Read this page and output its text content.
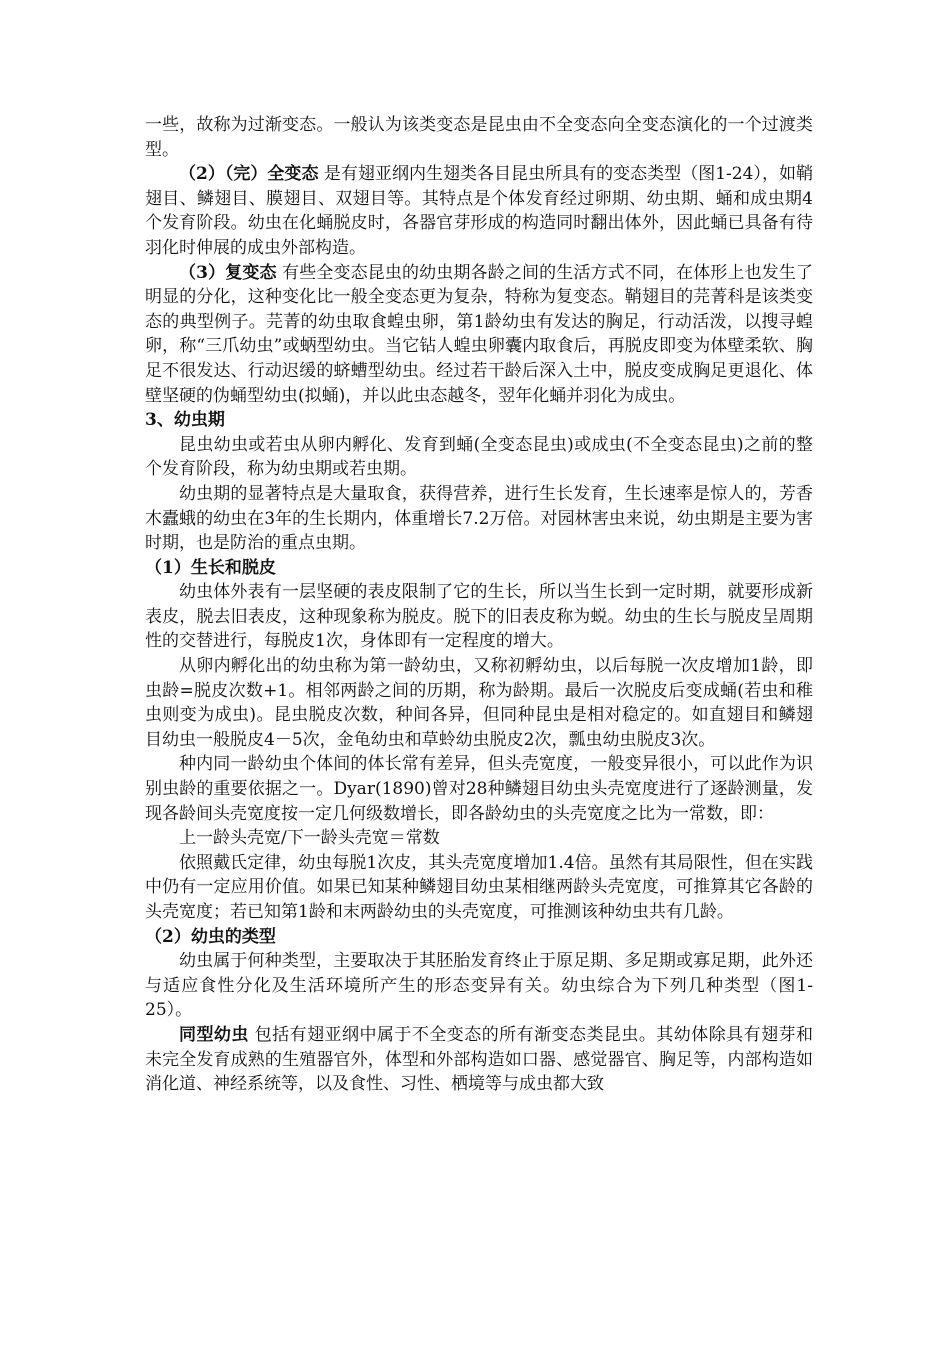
一些，故称为过渐变态。一般认为该类变态是昆虫由不全变态向全变态演化的一个过渡类型。

（2）（完）全变态 是有翅亚纲内生翅类各目昆虫所具有的变态类型（图1-24），如鞘翅目、鳞翅目、膜翅目、双翅目等。其特点是个体发育经过卵期、幼虫期、蛹和成虫期4个发育阶段。幼虫在化蛹脱皮时，各器官芽形成的构造同时翻出体外，因此蛹已具备有待羽化时伸展的成虫外部构造。

（3）复变态 有些全变态昆虫的幼虫期各龄之间的生活方式不同，在体形上也发生了明显的分化，这种变化比一般全变态更为复杂，特称为复变态。鞘翅目的芫菁科是该类变态的典型例子。芫菁的幼虫取食蝗虫卵，第1龄幼虫有发达的胸足，行动活泼，以搜寻蝗卵，称“三爪幼虫”或蛃型幼虫。当它钻人蝗虫卵囊内取食后，再脱皮即变为体壁柔软、胸足不很发达、行动迟缓的蛴螬型幼虫。经过若干龄后深入土中，脱皮变成胸足更退化、体壁坚硬的伪蛹型幼虫(拟蛹)，并以此虫态越冬，翌年化蛹并羽化为成虫。

3、幼虫期

昆虫幼虫或若虫从卵内孵化、发育到蛹(全变态昆虫)或成虫(不全变态昆虫)之前的整个发育阶段，称为幼虫期或若虫期。

幼虫期的显著特点是大量取食，获得营养，进行生长发育，生长速率是惊人的，芳香木蠹蛾的幼虫在3年的生长期内，体重增长7.2万倍。对园林害虫来说，幼虫期是主要为害时期，也是防治的重点虫期。

（1）生长和脱皮

幼虫体外表有一层坚硬的表皮限制了它的生长，所以当生长到一定时期，就要形成新表皮，脱去旧表皮，这种现象称为脱皮。脱下的旧表皮称为蜕。幼虫的生长与脱皮呈周期性的交替进行，每脱皮1次，身体即有一定程度的增大。

从卵内孵化出的幼虫称为第一龄幼虫，又称初孵幼虫，以后每脱一次皮增加1龄，即虫龄=脱皮次数+1。相邻两龄之间的历期，称为龄期。最后一次脱皮后变成蛹(若虫和稚虫则变为成虫)。昆虫脱皮次数，种间各异，但同种昆虫是相对稳定的。如直翅目和鳞翅目幼虫一般脱皮4－5次，金龟幼虫和草蛉幼虫脱皮2次，瓢虫幼虫脱皮3次。

种内同一龄幼虫个体间的体长常有差异，但头壳宽度，一般变异很小，可以此作为识别虫龄的重要依据之一。Dyar(1890)曾对28种鳞翅目幼虫头壳宽度进行了逐龄测量，发现各龄间头壳宽度按一定几何级数增长，即各龄幼虫的头壳宽度之比为一常数，即：

上一龄头壳宽/下一龄头壳宽＝常数

依照戴氏定律，幼虫每脱1次皮，其头壳宽度增加1.4倍。虽然有其局限性，但在实践中仍有一定应用价值。如果已知某种鳞翅目幼虫某相继两龄头壳宽度，可推算其它各龄的头壳宽度；若已知第1龄和末两龄幼虫的头壳宽度，可推测该种幼虫共有几龄。

（2）幼虫的类型

幼虫属于何种类型，主要取决于其胚胎发育终止于原足期、多足期或寡足期，此外还与适应食性分化及生活环境所产生的形态变异有关。幼虫综合为下列几种类型（图1-25）。

同型幼虫 包括有翅亚纲中属于不全变态的所有渐变态类昆虫。其幼体除具有翅芽和未完全发育成熟的生殖器官外，体型和外部构造如口器、感觉器官、胸足等，内部构造如消化道、神经系统等，以及食性、习性、栖境等与成虫都大致
